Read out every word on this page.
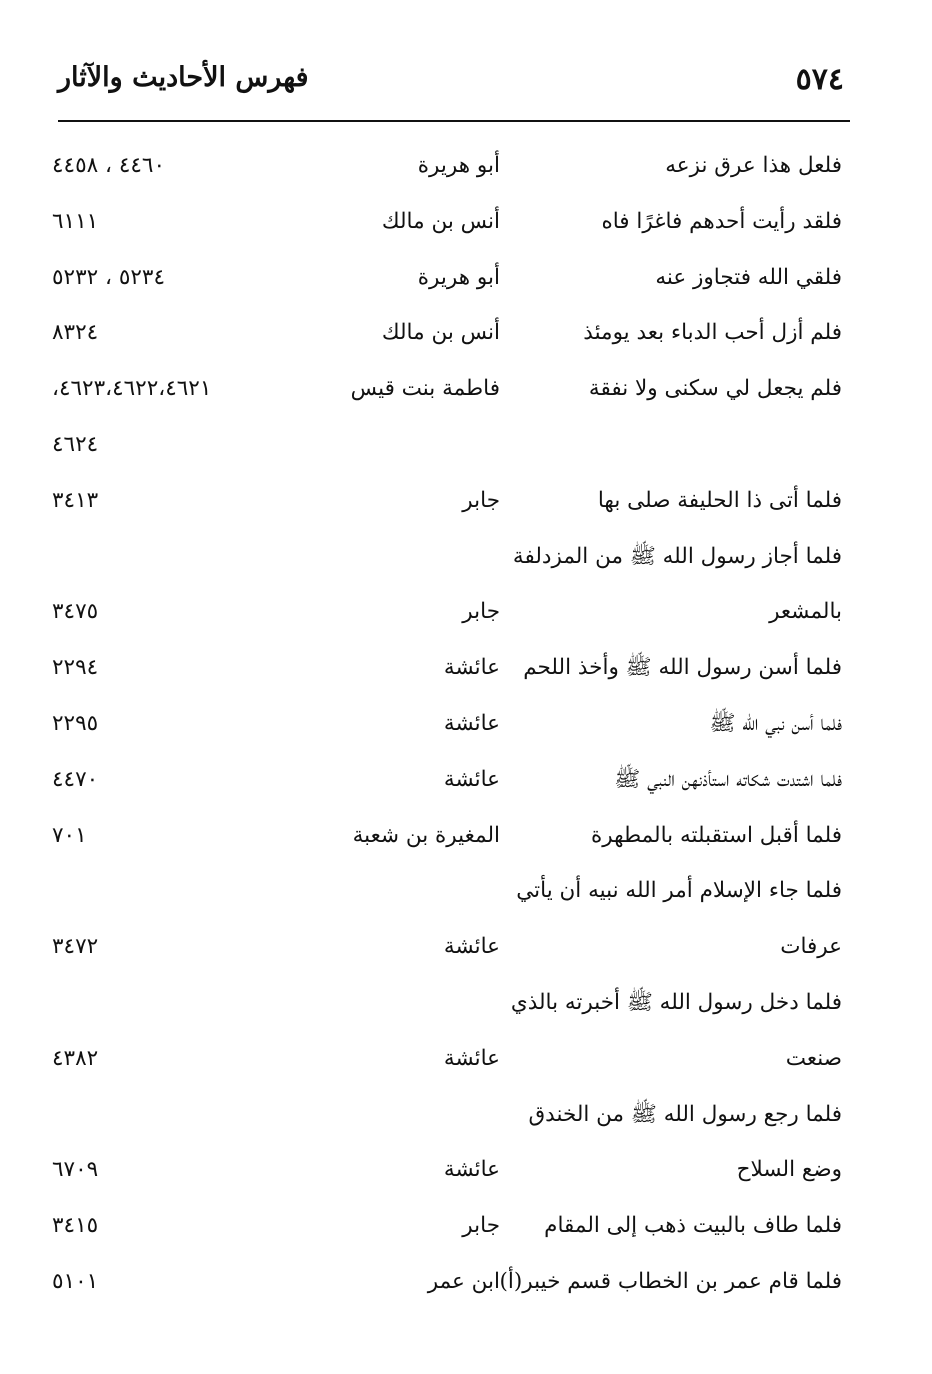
٥٧٤
فهرس الأحاديث والآثار
فلعل هذا عرق نزعه
أبو هريرة
٤٤٦٠ ، ٤٤٥٨
فلقد رأيت أحدهم فاغرًا فاه
أنس بن مالك
٦١١١
فلقي الله فتجاوز عنه
أبو هريرة
٥٢٣٤ ، ٥٢٣٢
فلم أزل أحب الدباء بعد يومئذ
أنس بن مالك
٨٣٢٤
فلم يجعل لي سكنى ولا نفقة
فاطمة بنت قيس
،٤٦٢٣،٤٦٢٢،٤٦٢١
٤٦٢٤
فلما أتى ذا الحليفة صلى بها
جابر
٣٤١٣
فلما أجاز رسول الله ﷺ من المزدلفة
بالمشعر
جابر
٣٤٧٥
فلما أسن رسول الله ﷺ وأخذ اللحم
عائشة
٢٢٩٤
فلما أسن نبي الله ﷺ
عائشة
٢٢٩٥
فلما اشتدت شكاته استأذنهن النبي ﷺ
عائشة
٤٤٧٠
فلما أقبل استقبلته بالمطهرة
المغيرة بن شعبة
٧٠١
فلما جاء الإسلام أمر الله نبيه أن يأتي
عرفات
عائشة
٣٤٧٢
فلما دخل رسول الله ﷺ أخبرته بالذي
صنعت
عائشة
٤٣٨٢
فلما رجع رسول الله ﷺ من الخندق
وضع السلاح
عائشة
٦٧٠٩
فلما طاف بالبيت ذهب إلى المقام
جابر
٣٤١٥
فلما قام عمر بن الخطاب قسم خيبر(أ)
ابن عمر
٥١٠١
